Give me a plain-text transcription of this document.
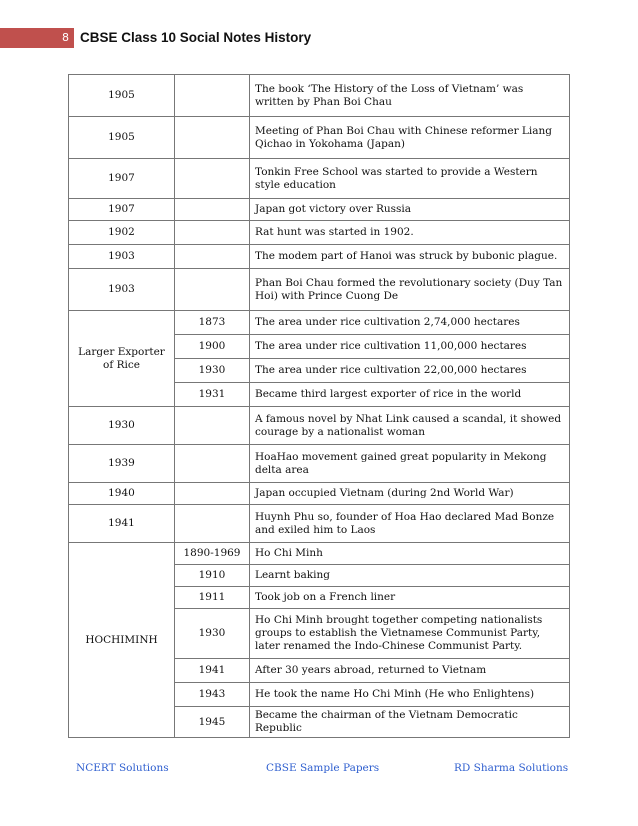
8 CBSE Class 10 Social Notes History
1905		The book ‘The History of the Loss of Vietnam’ was written by Phan Boi Chau
1905		Meeting of Phan Boi Chau with Chinese reformer Liang Qichao in Yokohama (Japan)
1907		Tonkin Free School was started to provide a Western style education
1907		Japan got victory over Russia
1902		Rat hunt was started in 1902.
1903		The modem part of Hanoi was struck by bubonic plague.
1903		Phan Boi Chau formed the revolutionary society (Duy Tan Hoi) with Prince Cuong De
Larger Exporter of Rice	1873	The area under rice cultivation 2,74,000 hectares
	1900	The area under rice cultivation 11,00,000 hectares
	1930	The area under rice cultivation 22,00,000 hectares
	1931	Became third largest exporter of rice in the world
1930		A famous novel by Nhat Link caused a scandal, it showed courage by a nationalist woman
1939		HoaHao movement gained great popularity in Mekong delta area
1940		Japan occupied Vietnam (during 2nd World War)
1941		Huynh Phu so, founder of Hoa Hao declared Mad Bonze and exiled him to Laos
HOCHIMINH	1890-1969	Ho Chi Minh
	1910	Learnt baking
	1911	Took job on a French liner
	1930	Ho Chi Minh brought together competing nationalists groups to establish the Vietnamese Communist Party, later renamed the Indo-Chinese Communist Party.
	1941	After 30 years abroad, returned to Vietnam
	1943	He took the name Ho Chi Minh (He who Enlightens)
	1945	Became the chairman of the Vietnam Democratic Republic
NCERT Solutions	CBSE Sample Papers	RD Sharma Solutions
